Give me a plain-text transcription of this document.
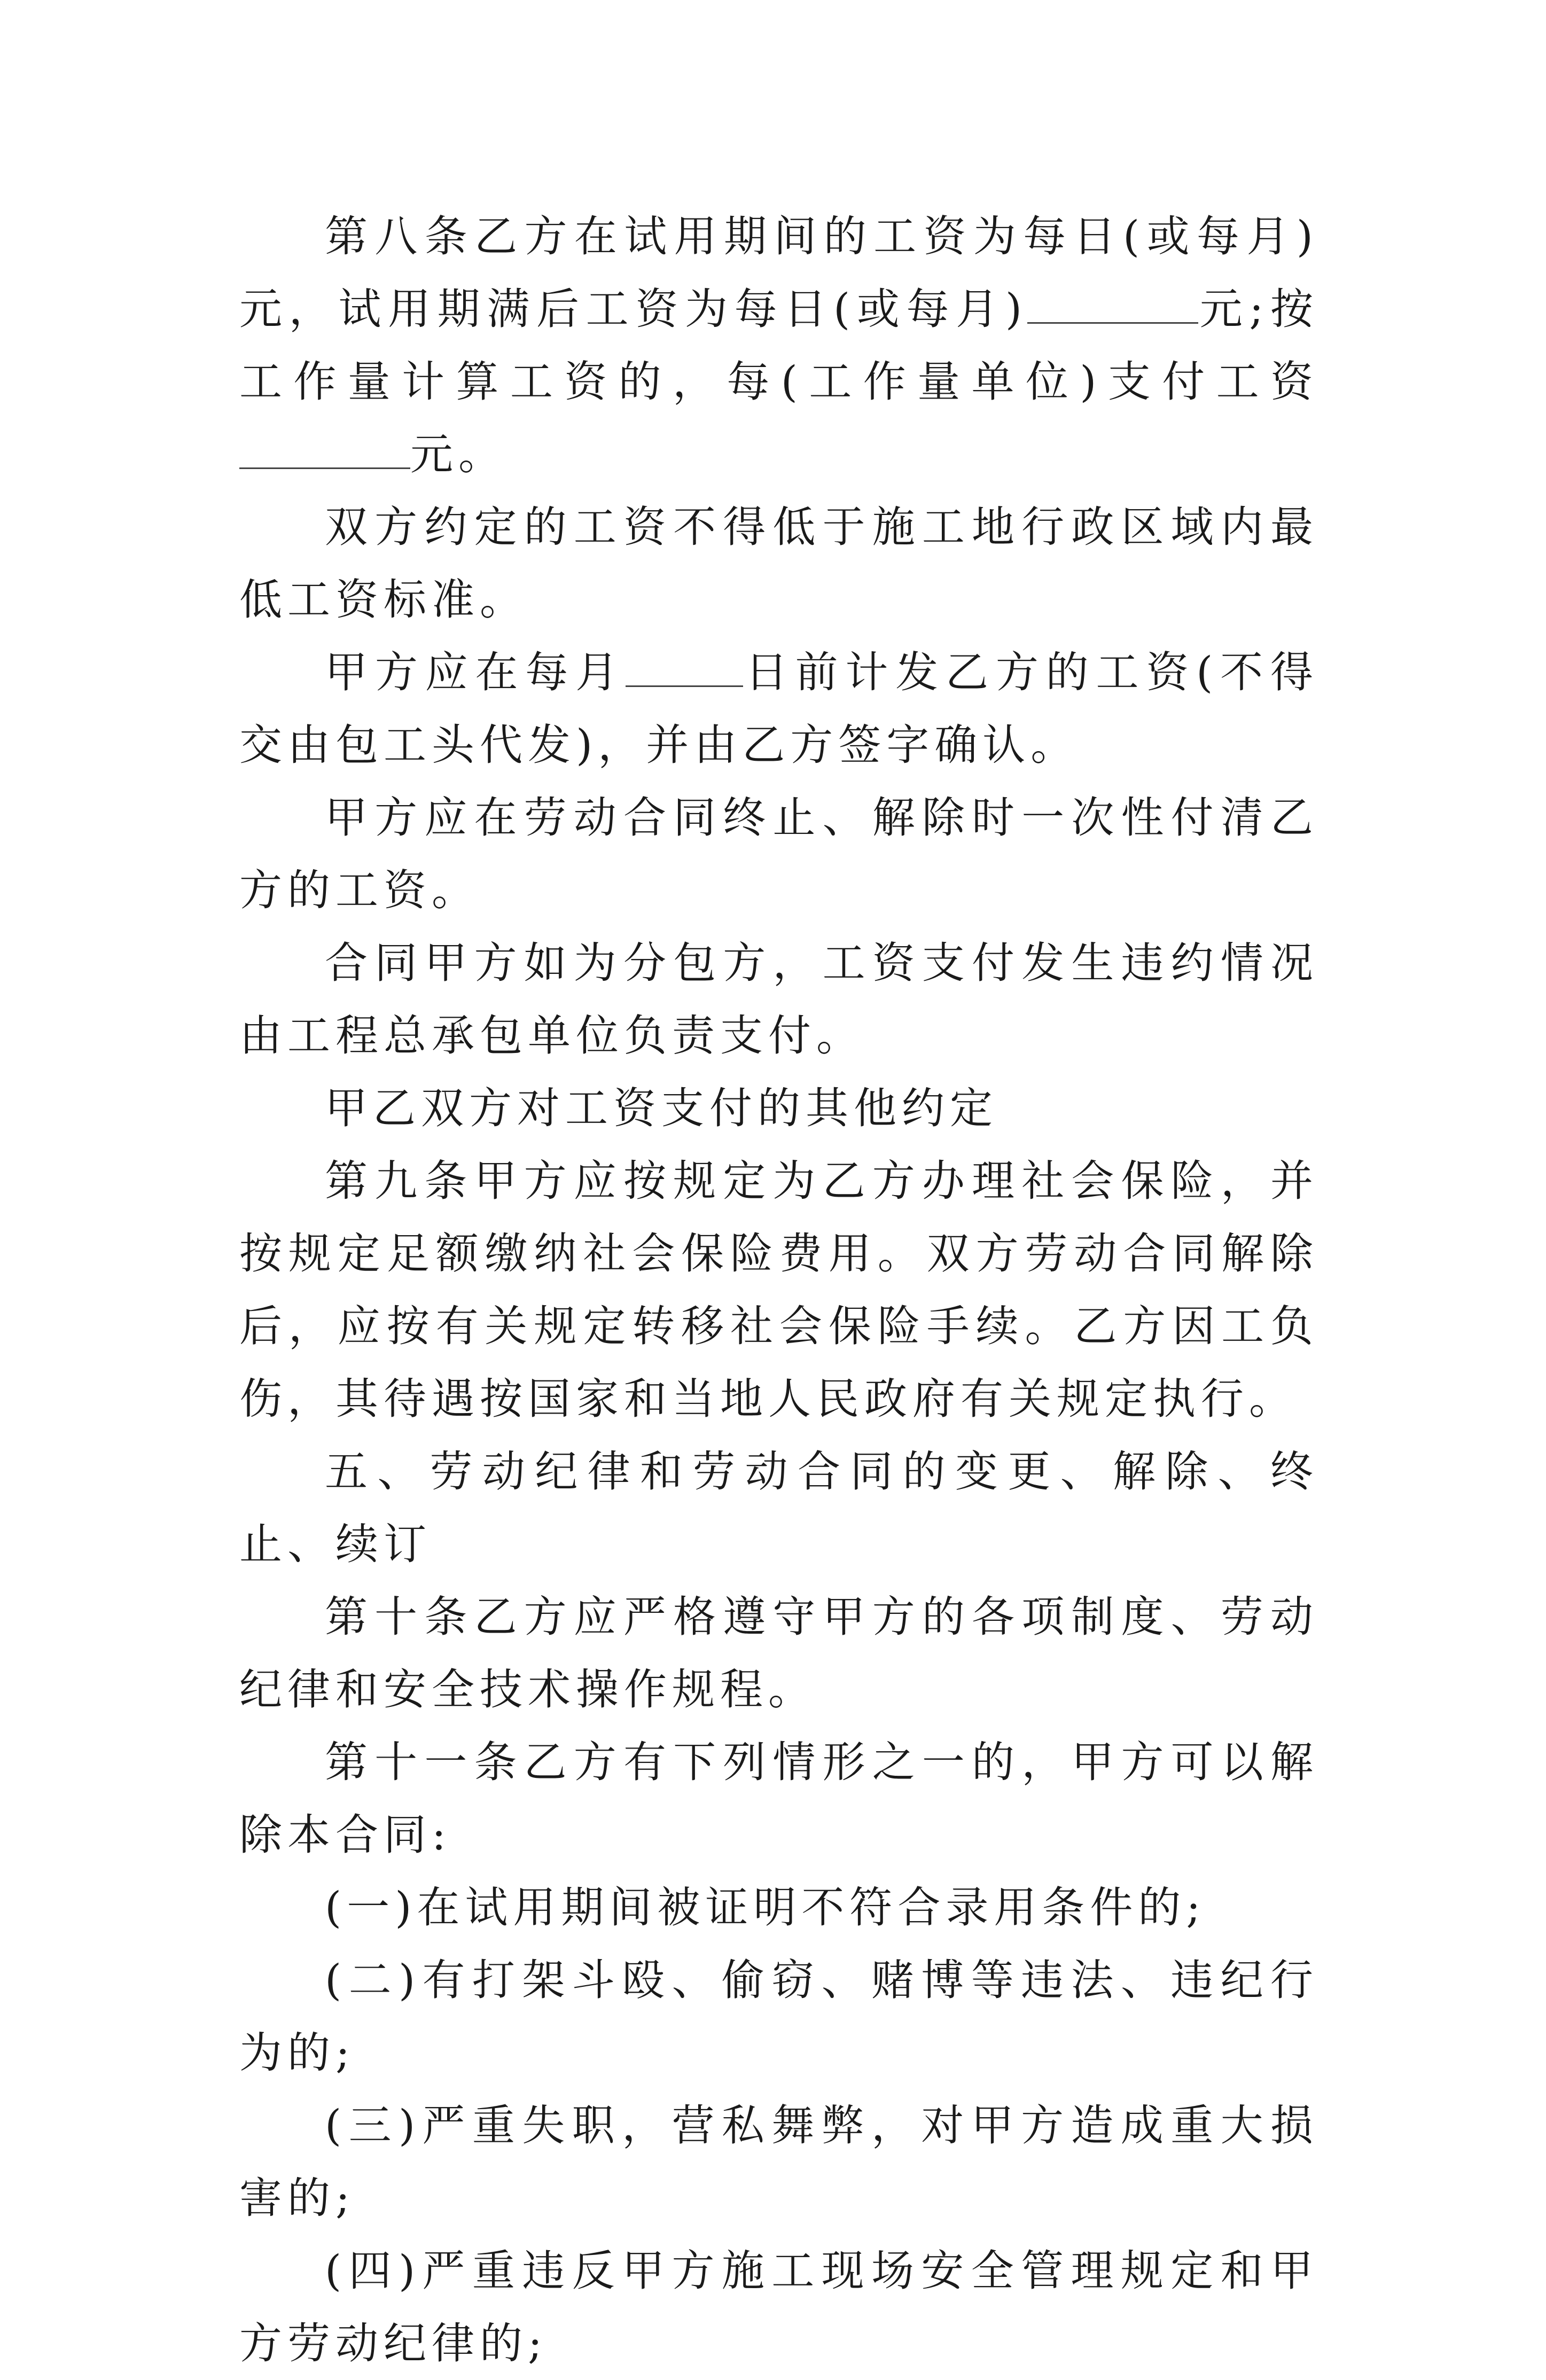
第八条乙方在试用期间的工资为每日(或每月)元，试用期满后工资为每日(或每月)	元;按工作量计算工资的，每(工作量单位)支付工资元。

双方约定的工资不得低于施工地行政区域内最低工资标准。

甲方应在每月	日前计发乙方的工资(不得交由包工头代发)，并由乙方签字确认。

甲方应在劳动合同终止、解除时一次性付清乙方的工资。

合同甲方如为分包方，工资支付发生违约情况由工程总承包单位负责支付。

甲乙双方对工资支付的其他约定

第九条甲方应按规定为乙方办理社会保险，并按规定足额缴纳社会保险费用。双方劳动合同解除后，应按有关规定转移社会保险手续。乙方因工负伤，其待遇按国家和当地人民政府有关规定执行。

五、劳动纪律和劳动合同的变更、解除、终止、续订

第十条乙方应严格遵守甲方的各项制度、劳动纪律和安全技术操作规程。

第十一条乙方有下列情形之一的，甲方可以解除本合同:

(一)在试用期间被证明不符合录用条件的;

(二)有打架斗殴、偷窃、赌博等违法、违纪行为的;

(三)严重失职，营私舞弊，对甲方造成重大损害的;

(四)严重违反甲方施工现场安全管理规定和甲方劳动纪律的;
